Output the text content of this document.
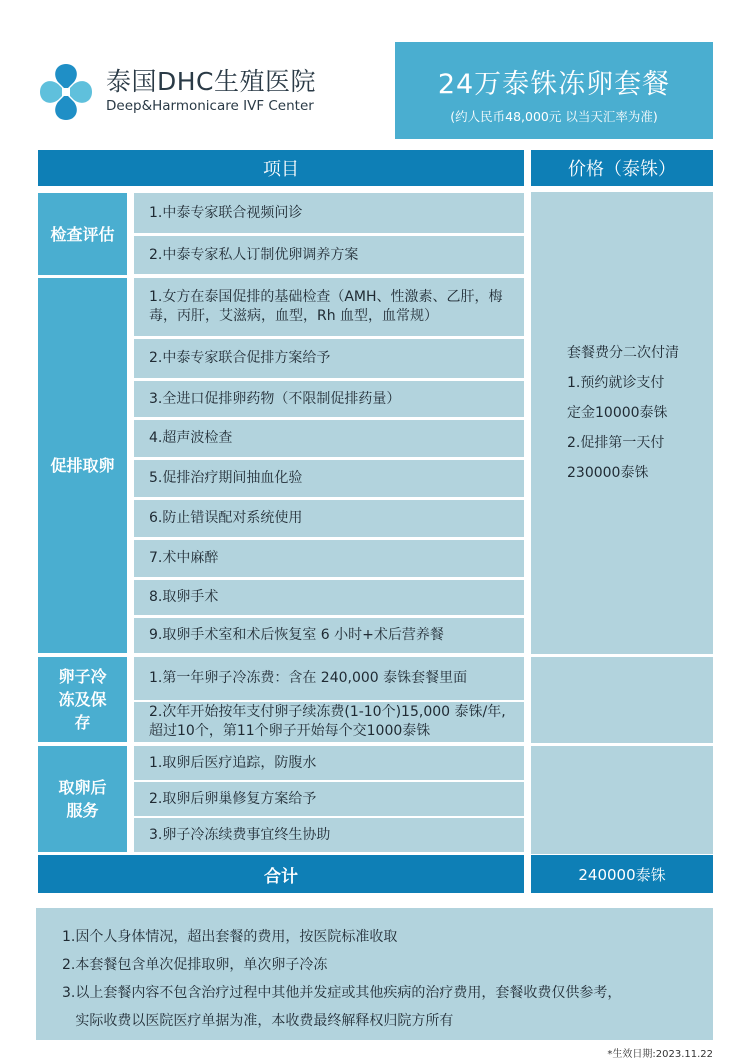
泰国DHC生殖医院
Deep&Harmonicare IVF Center
24万泰铢冻卵套餐
(约人民币48,000元 以当天汇率为准)
项目	价格（泰铢）
检查评估
促排取卵
卵子冷冻及保存
取卵后服务
1.中泰专家联合视频问诊
2.中泰专家私人订制优卵调养方案
1.女方在泰国促排的基础检查（AMH、性激素、乙肝，梅毒，丙肝，艾滋病，血型，Rh 血型，血常规）
2.中泰专家联合促排方案给予
3.全进口促排卵药物（不限制促排药量）
4.超声波检查
5.促排治疗期间抽血化验
6.防止错误配对系统使用
7.术中麻醉
8.取卵手术
9.取卵手术室和术后恢复室 6 小时+术后营养餐
1.第一年卵子冷冻费：含在 240,000 泰铢套餐里面
2.次年开始按年支付卵子续冻费(1-10个)15,000 泰铢/年,超过10个，第11个卵子开始每个交1000泰铢
1.取卵后医疗追踪，防腹水
2.取卵后卵巢修复方案给予
3.卵子冷冻续费事宜终生协助
套餐费分二次付清
1.预约就诊支付
定金10000泰铢
2.促排第一天付
230000泰铢
合计	240000泰铢
1.因个人身体情况，超出套餐的费用，按医院标准收取
2.本套餐包含单次促排取卵，单次卵子冷冻
3.以上套餐内容不包含治疗过程中其他并发症或其他疾病的治疗费用，套餐收费仅供参考，
实际收费以医院医疗单据为准，本收费最终解释权归院方所有
*生效日期:2023.11.22
